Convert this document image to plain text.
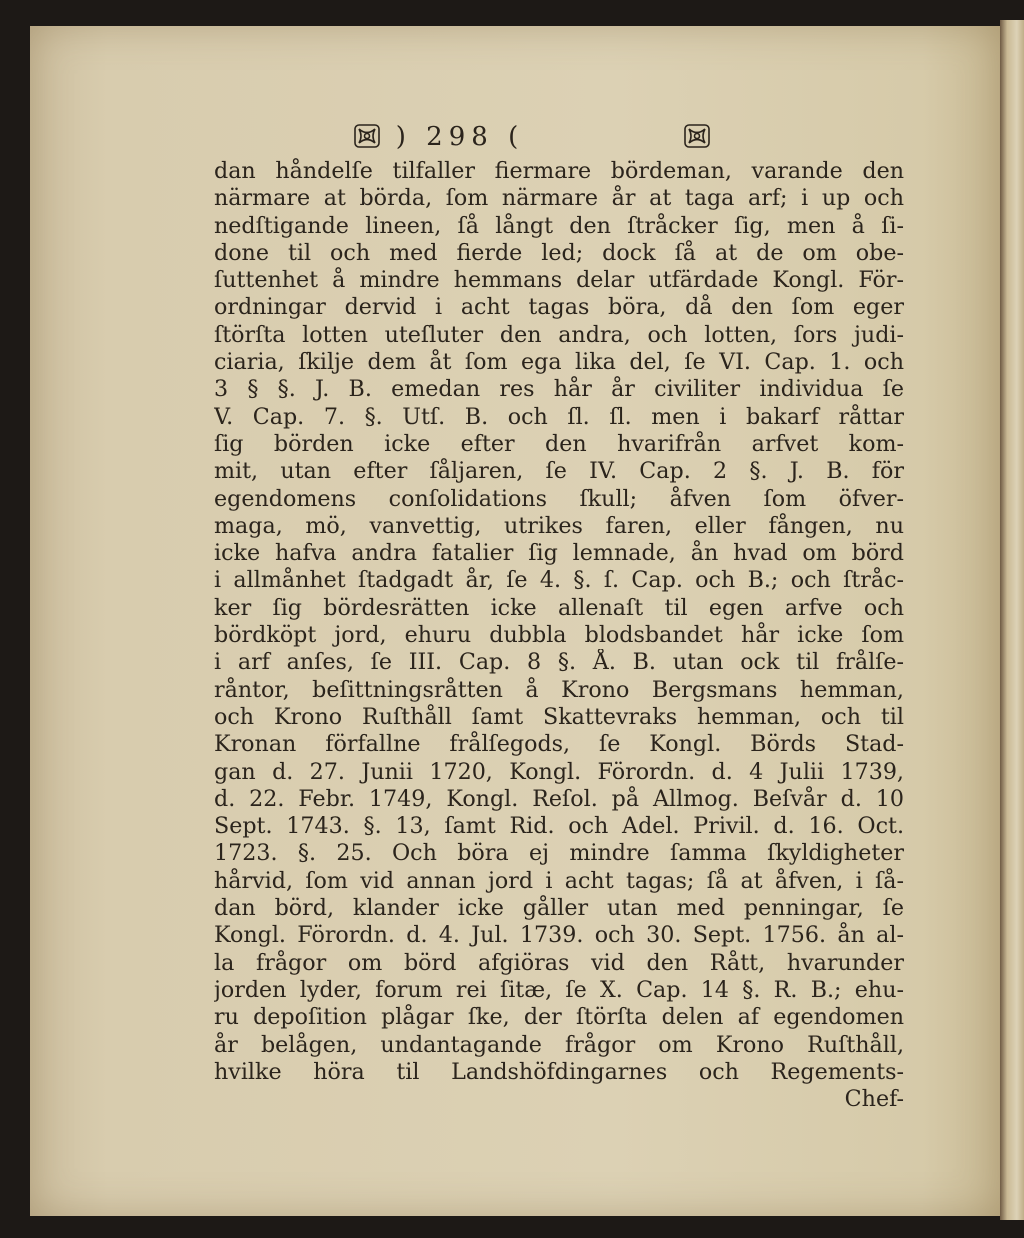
) 298 (
dan håndelſe tilfaller fiermare bördeman, varande den
närmare at börda, ſom närmare år at taga arf; i up och
nedſtigande lineen, ſå långt den ſtråcker ſig, men å ſi-
done til och med fierde led; dock ſå at de om obe-
ſuttenhet å mindre hemmans delar utfärdade Kongl. För-
ordningar dervid i acht tagas böra, då den ſom eger
ſtörſta lotten uteſluter den andra, och lotten, ſors judi-
ciaria, ſkilje dem åt ſom ega lika del, ſe VI. Cap. 1. och
3 § §. J. B. emedan res hår år civiliter individua ſe
V. Cap. 7. §. Utſ. B. och ſl. ſl. men i bakarf råttar
ſig börden icke efter den hvarifrån arfvet kom-
mit, utan efter ſåljaren, ſe IV. Cap. 2 §. J. B. för
egendomens conſolidations ſkull; åfven ſom öfver-
maga, mö, vanvettig, utrikes faren, eller fången, nu
icke hafva andra fatalier ſig lemnade, ån hvad om börd
i allmånhet ſtadgadt år, ſe 4. §. ſ. Cap. och B.; och ſtråc-
ker ſig bördesrätten icke allenaſt til egen arfve och
bördköpt jord, ehuru dubbla blodsbandet hår icke ſom
i arf anſes, ſe III. Cap. 8 §. Å. B. utan ock til frålſe-
råntor, beſittningsråtten å Krono Bergsmans hemman,
och Krono Ruſthåll ſamt Skattevraks hemman, och til
Kronan förfallne frålſegods, ſe Kongl. Börds Stad-
gan d. 27. Junii 1720, Kongl. Förordn. d. 4 Julii 1739,
d. 22. Febr. 1749, Kongl. Reſol. på Allmog. Beſvår d. 10
Sept. 1743. §. 13, ſamt Rid. och Adel. Privil. d. 16. Oct.
1723. §. 25. Och böra ej mindre ſamma ſkyldigheter
hårvid, ſom vid annan jord i acht tagas; ſå at åfven, i ſå-
dan börd, klander icke gåller utan med penningar, ſe
Kongl. Förordn. d. 4. Jul. 1739. och 30. Sept. 1756. ån al-
la frågor om börd afgiöras vid den Rått, hvarunder
jorden lyder, forum rei ſitæ, ſe X. Cap. 14 §. R. B.; ehu-
ru depoſition plågar ſke, der ſtörſta delen af egendomen
år belågen, undantagande frågor om Krono Ruſthåll,
hvilke höra til Landshöfdingarnes och Regements-
Chef-
